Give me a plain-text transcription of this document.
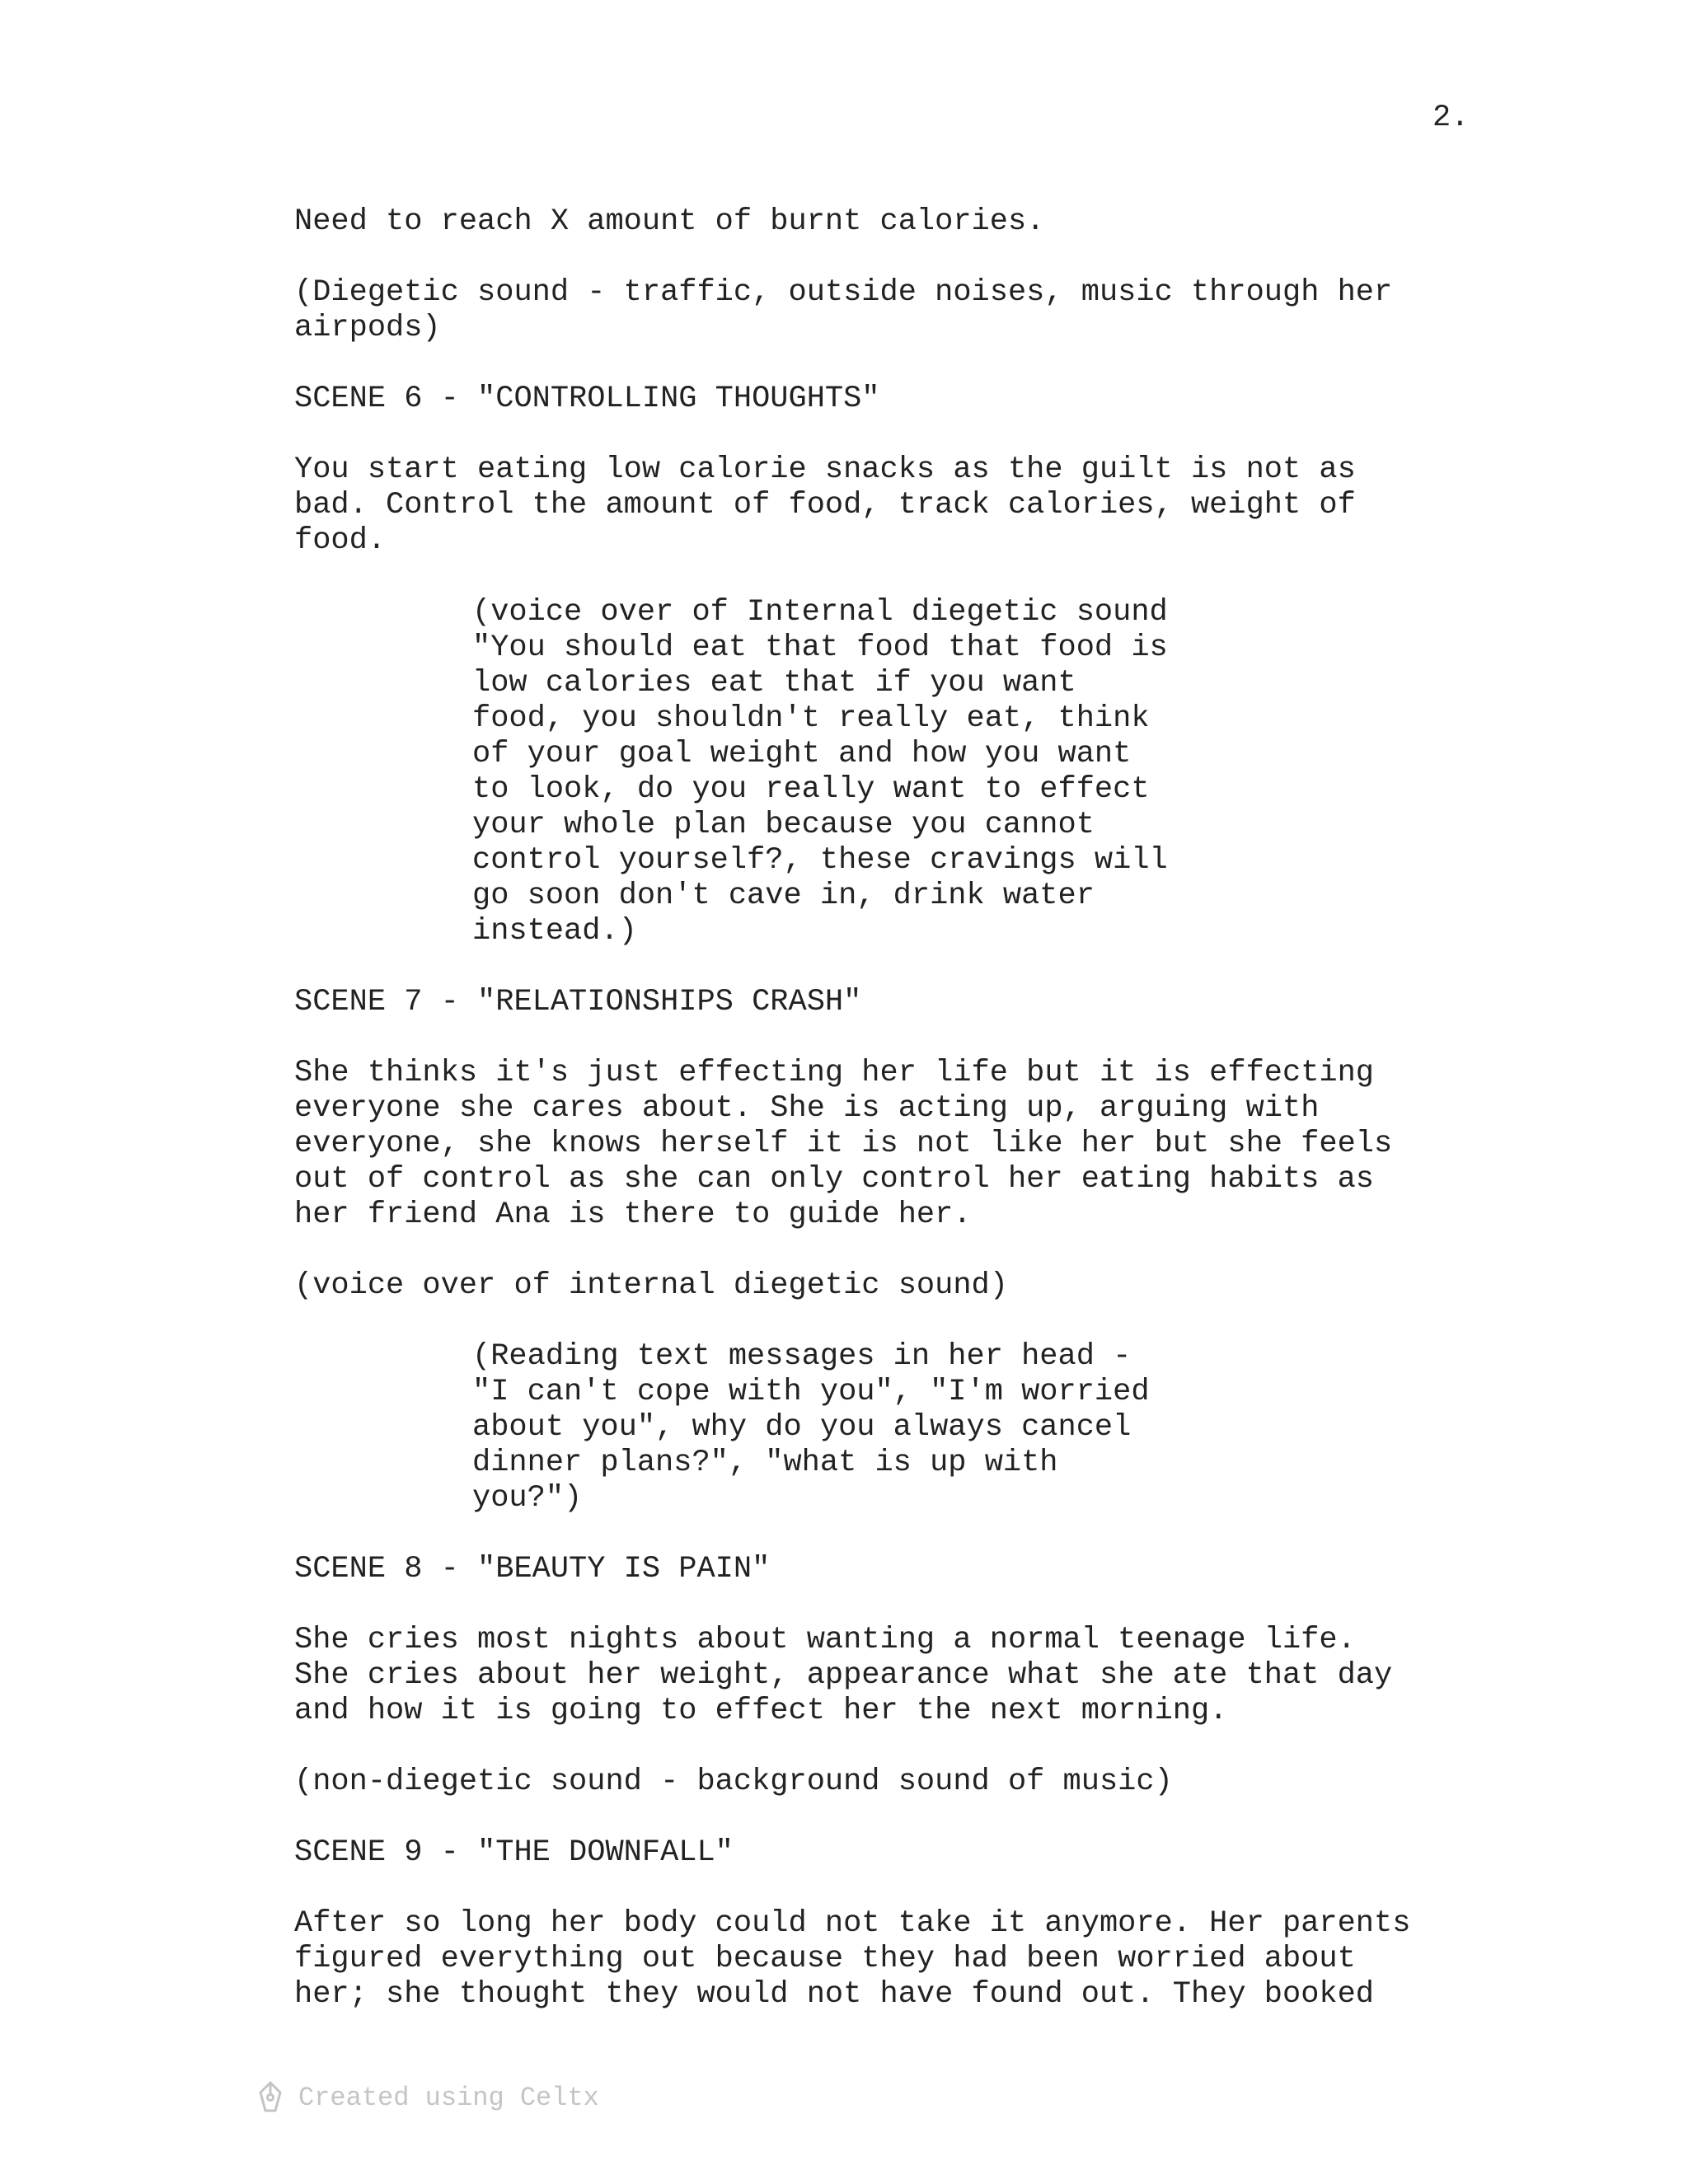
2.
Need to reach X amount of burnt calories.
(Diegetic sound - traffic, outside noises, music through her
airpods)
SCENE 6 - "CONTROLLING THOUGHTS"
You start eating low calorie snacks as the guilt is not as
bad. Control the amount of food, track calories, weight of
food.
(voice over of Internal diegetic sound
"You should eat that food that food is
low calories eat that if you want
food, you shouldn't really eat, think
of your goal weight and how you want
to look, do you really want to effect
your whole plan because you cannot
control yourself?, these cravings will
go soon don't cave in, drink water
instead.)
SCENE 7 - "RELATIONSHIPS CRASH"
She thinks it's just effecting her life but it is effecting
everyone she cares about. She is acting up, arguing with
everyone, she knows herself it is not like her but she feels
out of control as she can only control her eating habits as
her friend Ana is there to guide her.
(voice over of internal diegetic sound)
(Reading text messages in her head -
"I can't cope with you", "I'm worried
about you", why do you always cancel
dinner plans?", "what is up with
you?")
SCENE 8 - "BEAUTY IS PAIN"
She cries most nights about wanting a normal teenage life.
She cries about her weight, appearance what she ate that day
and how it is going to effect her the next morning.
(non-diegetic sound - background sound of music)
SCENE 9 - "THE DOWNFALL"
After so long her body could not take it anymore. Her parents
figured everything out because they had been worried about
her; she thought they would not have found out. They booked
Created using Celtx
